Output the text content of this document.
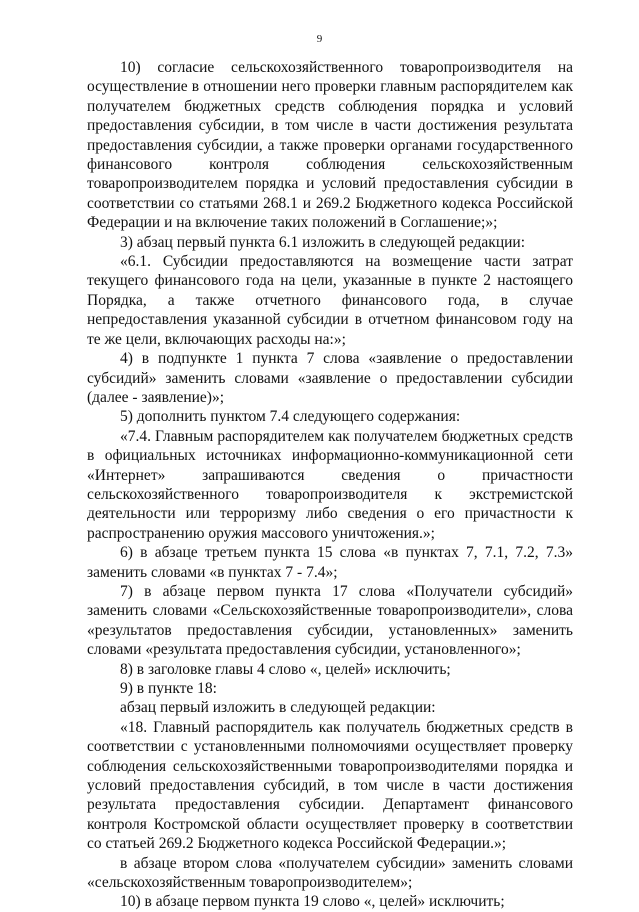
9

10) согласие сельскохозяйственного товаропроизводителя на осуществление в отношении него проверки главным распорядителем как получателем бюджетных средств соблюдения порядка и условий предоставления субсидии, в том числе в части достижения результата предоставления субсидии, а также проверки органами государственного финансового контроля соблюдения сельскохозяйственным товаропроизводителем порядка и условий предоставления субсидии в соответствии со статьями 268.1 и 269.2 Бюджетного кодекса Российской Федерации и на включение таких положений в Соглашение;»;

3) абзац первый пункта 6.1 изложить в следующей редакции:

«6.1. Субсидии предоставляются на возмещение части затрат текущего финансового года на цели, указанные в пункте 2 настоящего Порядка, а также отчетного финансового года, в случае непредоставления указанной субсидии в отчетном финансовом году на те же цели, включающих расходы на:»;

4) в подпункте 1 пункта 7 слова «заявление о предоставлении субсидий» заменить словами «заявление о предоставлении субсидии (далее - заявление)»;

5) дополнить пунктом 7.4 следующего содержания:

«7.4. Главным распорядителем как получателем бюджетных средств в официальных источниках информационно-коммуникационной сети «Интернет» запрашиваются сведения о причастности сельскохозяйственного товаропроизводителя к экстремистской деятельности или терроризму либо сведения о его причастности к распространению оружия массового уничтожения.»;

6) в абзаце третьем пункта 15 слова «в пунктах 7, 7.1, 7.2, 7.3» заменить словами «в пунктах 7 - 7.4»;

7) в абзаце первом пункта 17 слова «Получатели субсидий» заменить словами «Сельскохозяйственные товаропроизводители», слова «результатов предоставления субсидии, установленных» заменить словами «результата предоставления субсидии, установленного»;

8) в заголовке главы 4 слово «, целей» исключить;

9) в пункте 18:

абзац первый изложить в следующей редакции:

«18. Главный распорядитель как получатель бюджетных средств в соответствии с установленными полномочиями осуществляет проверку соблюдения сельскохозяйственными товаропроизводителями порядка и условий предоставления субсидий, в том числе в части достижения результата предоставления субсидии. Департамент финансового контроля Костромской области осуществляет проверку в соответствии со статьей 269.2 Бюджетного кодекса Российской Федерации.»;

в абзаце втором слова «получателем субсидии» заменить словами «сельскохозяйственным товаропроизводителем»;

10) в абзаце первом пункта 19 слово «, целей» исключить;
